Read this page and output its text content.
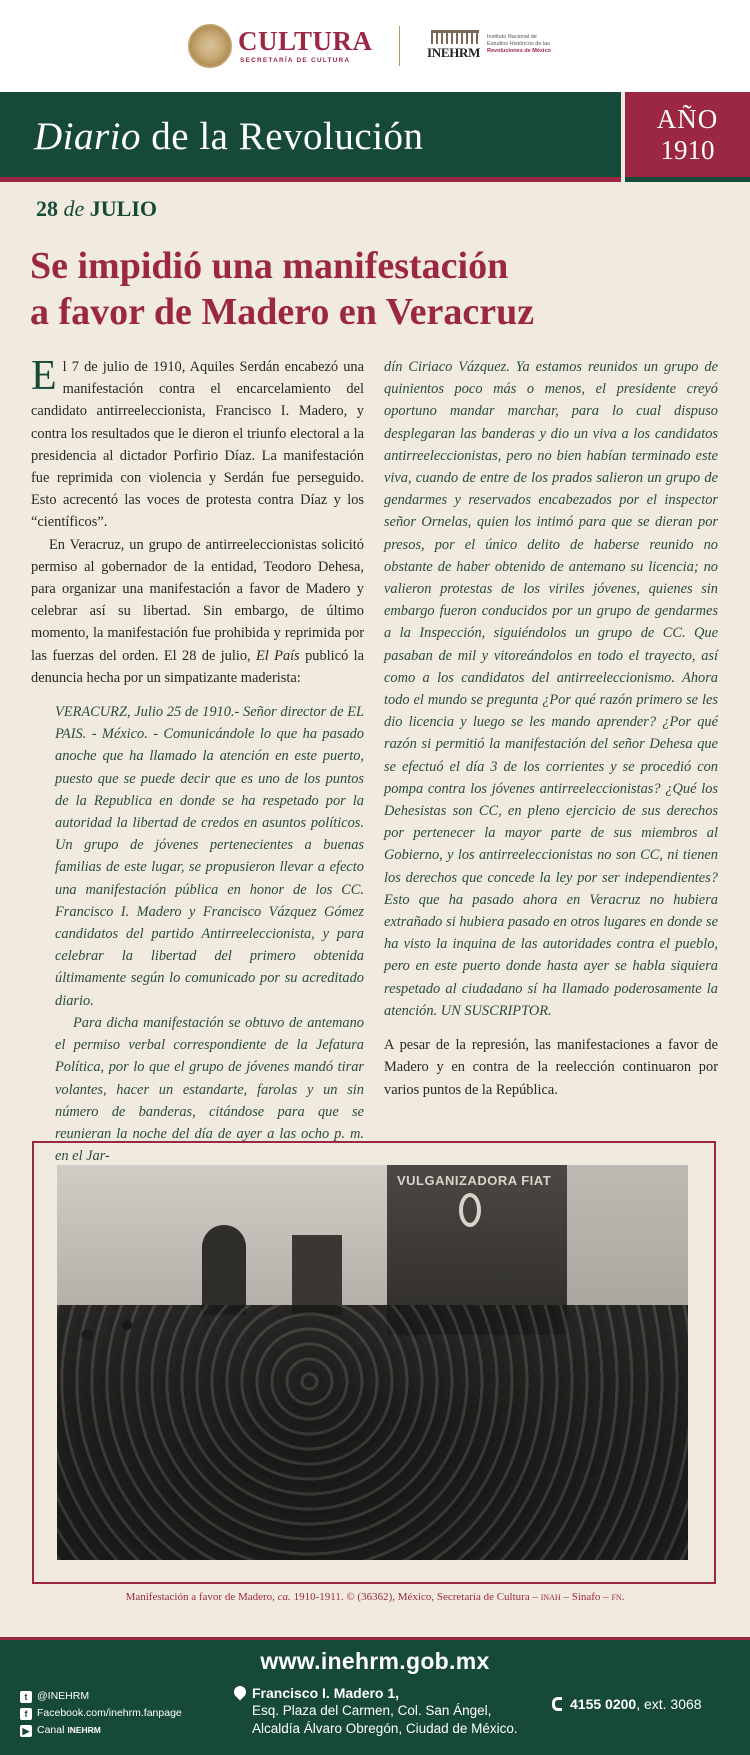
CULTURA
SECRETARÍA DE CULTURA
INEHRM
Instituto Nacional de
Estudios Históricos de las
Revoluciones de México
Diario de la Revolución	AÑO
1910
28 de JULIO
Se impidió una manifestación
a favor de Madero en Veracruz

El 7 de julio de 1910, Aquiles Serdán encabezó una manifestación contra el encarcelamiento del candidato antirreeleccionista, Francisco I. Madero, y contra los resultados que le dieron el triunfo electoral a la presidencia al dictador Porfirio Díaz. La manifestación fue reprimida con violencia y Serdán fue perseguido. Esto acrecentó las voces de protesta contra Díaz y los “científicos”.

En Veracruz, un grupo de antirreeleccionistas solicitó permiso al gobernador de la entidad, Teodoro Dehesa, para organizar una manifestación a favor de Madero y celebrar así su libertad. Sin embargo, de último momento, la manifestación fue prohibida y reprimida por las fuerzas del orden. El 28 de julio, El País publicó la denuncia hecha por un simpatizante maderista:

VERACURZ, Julio 25 de 1910.- Señor director de EL PAIS. - México. - Comunicándole lo que ha pasado anoche que ha llamado la atención en este puerto, puesto que se puede decir que es uno de los puntos de la Republica en donde se ha respetado por la autoridad la libertad de credos en asuntos políticos. Un grupo de jóvenes pertenecientes a buenas familias de este lugar, se propusieron llevar a efecto una manifestación pública en honor de los CC. Francisco I. Madero y Francisco Vázquez Gómez candidatos del partido Antirreeleccionista, y para celebrar la libertad del primero obtenida últimamente según lo comunicado por su acreditado diario.

Para dicha manifestación se obtuvo de antemano el permiso verbal correspondiente de la Jefatura Política, por lo que el grupo de jóvenes mandó tirar volantes, hacer un estandarte, farolas y un sin número de banderas, citándose para que se reunieran la noche del día de ayer a las ocho p. m. en el Jar-

dín Ciriaco Vázquez. Ya estamos reunidos un grupo de quinientos poco más o menos, el presidente creyó oportuno mandar marchar, para lo cual dispuso desplegaran las banderas y dio un viva a los candidatos antirreeleccionistas, pero no bien habían terminado este viva, cuando de entre de los prados salieron un grupo de gendarmes y reservados encabezados por el inspector señor Ornelas, quien los intimó para que se dieran por presos, por el único delito de haberse reunido no obstante de haber obtenido de antemano su licencia; no valieron protestas de los viriles jóvenes, quienes sin embargo fueron conducidos por un grupo de gendarmes a la Inspección, siguiéndolos un grupo de CC. Que pasaban de mil y vitoreándolos en todo el trayecto, así como a los candidatos del antirreeleccionismo. Ahora todo el mundo se pregunta ¿Por qué razón primero se les dio licencia y luego se les mando aprender? ¿Por qué razón si permitió la manifestación del señor Dehesa que se efectuó el día 3 de los corrientes y se procedió con pompa contra los jóvenes antirreeleccionistas? ¿Qué los Dehesistas son CC, en pleno ejercicio de sus derechos por pertenecer la mayor parte de sus miembros al Gobierno, y los antirreeleccionistas no son CC, ni tienen los derechos que concede la ley por ser independientes? Esto que ha pasado ahora en Veracruz no hubiera extrañado si hubiera pasado en otros lugares en donde se ha visto la inquina de las autoridades contra el pueblo, pero en este puerto donde hasta ayer se habla siquiera respetado al ciudadano sí ha llamado poderosamente la atención. UN SUSCRIPTOR.

A pesar de la represión, las manifestaciones a favor de Madero y en contra de la reelección continuaron por varios puntos de la República.

VULGANIZADORA FIAT
Manifestación a favor de Madero, ca. 1910-1911. © (36362), México, Secretaría de Cultura – inah – Sinafo – fn.
www.inehrm.gob.mx
t @INEHRM
f Facebook.com/inehrm.fanpage
▶ Canal
INEHRM
Francisco I. Madero 1,
Esq. Plaza del Carmen, Col. San Ángel,
Alcaldía Álvaro Obregón, Ciudad de México.
4155 0200, ext. 3068
